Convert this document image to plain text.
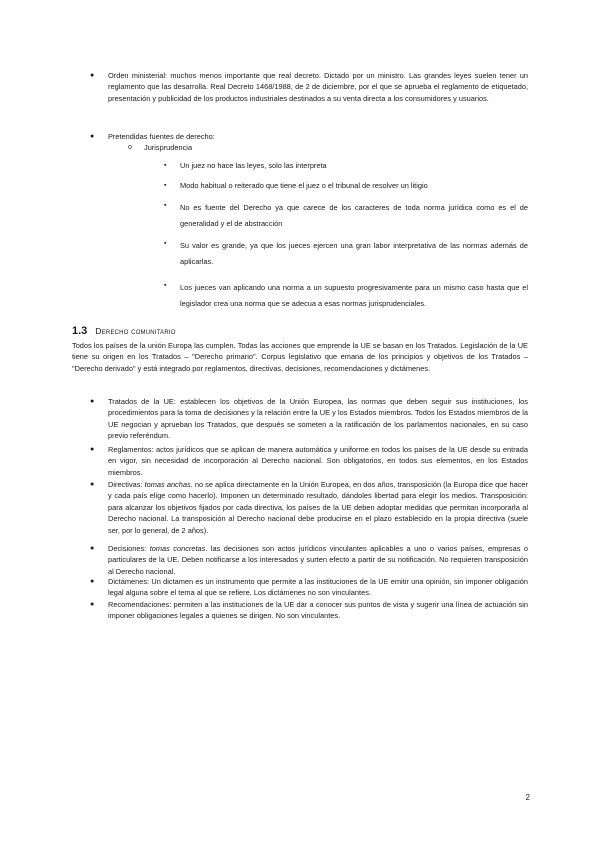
● Orden ministerial: muchos menos importante que real decreto. Dictado por un ministro. Las grandes leyes suelen tener un reglamento que las desarrolla. Real Decreto 1468/1988, de 2 de diciembre, por el que se aprueba el reglamento de etiquetado, presentación y publicidad de los productos industriales destinados a su venta directa a los consumidores y usuarios.

● Pretendidas fuentes de derecho:

o Jurisprudencia

▪ Un juez no hace las leyes, solo las interpreta

▪ Modo habitual o reiterado que tiene el juez o el tribunal de resolver un litigio

▪ No es fuente del Derecho ya que carece de los caracteres de toda norma jurídica como es el de generalidad y el de abstracción

▪ Su valor es grande, ya que los jueces ejercen una gran labor interpretativa de las normas además de aplicarlas.

▪ Los jueces van aplicando una norma a un supuesto progresivamente para un mismo caso hasta que el legislador crea una norma que se adecua a esas normas jurisprudenciales.

1.3 Derecho comunitario

Todos los países de la unión Europa las cumplen. Todas las acciones que emprende la UE se basan en los Tratados. Legislación de la UE tiene su origen en los Tratados – "Derecho primario". Corpus legislativo que emana de los principios y objetivos de los Tratados – "Derecho derivado" y está integrado por reglamentos, directivas, decisiones, recomendaciones y dictámenes.

● Tratados de la UE: establecen los objetivos de la Unión Europea, las normas que deben seguir sus instituciones, los procedimientos para la toma de decisiones y la relación entre la UE y los Estados miembros. Todos los Estados miembros de la UE negocian y aprueban los Tratados, que después se someten a la ratificación de los parlamentos nacionales, en su caso previo referéndum.

● Reglamentos: actos jurídicos que se aplican de manera automática y uniforme en todos los países de la UE desde su entrada en vigor, sin necesidad de incorporación al Derecho nacional. Son obligatorios, en todos sus elementos, en los Estados miembros.

● Directivas: tomas anchas. no se aplica directamente en la Unión Europea, en dos años, transposición (la Europa dice que hacer y cada país elige como hacerlo). Imponen un determinado resultado, dándoles libertad para elegir los medios. Transposición: para alcanzar los objetivos fijados por cada directiva, los países de la UE deben adoptar medidas que permitan incorporarla al Derecho nacional. La transposición al Derecho nacional debe producirse en el plazo establecido en la propia directiva (suele ser, por lo general, de 2 años).

● Decisiones: tomas concretas. las decisiones son actos jurídicos vinculantes aplicables a uno o varios países, empresas o particulares de la UE. Deben notificarse a los interesados y surten efecto a partir de su notificación. No requieren transposición al Derecho nacional.

● Dictámenes: Un dictamen es un instrumento que permite a las instituciones de la UE emitir una opinión, sin imponer obligación legal alguna sobre el tema al que se refiere. Los dictámenes no son vinculantes.

● Recomendaciones: permiten a las instituciones de la UE dar a conocer sus puntos de vista y sugerir una línea de actuación sin imponer obligaciones legales a quienes se dirigen. No son vinculantes.

2
